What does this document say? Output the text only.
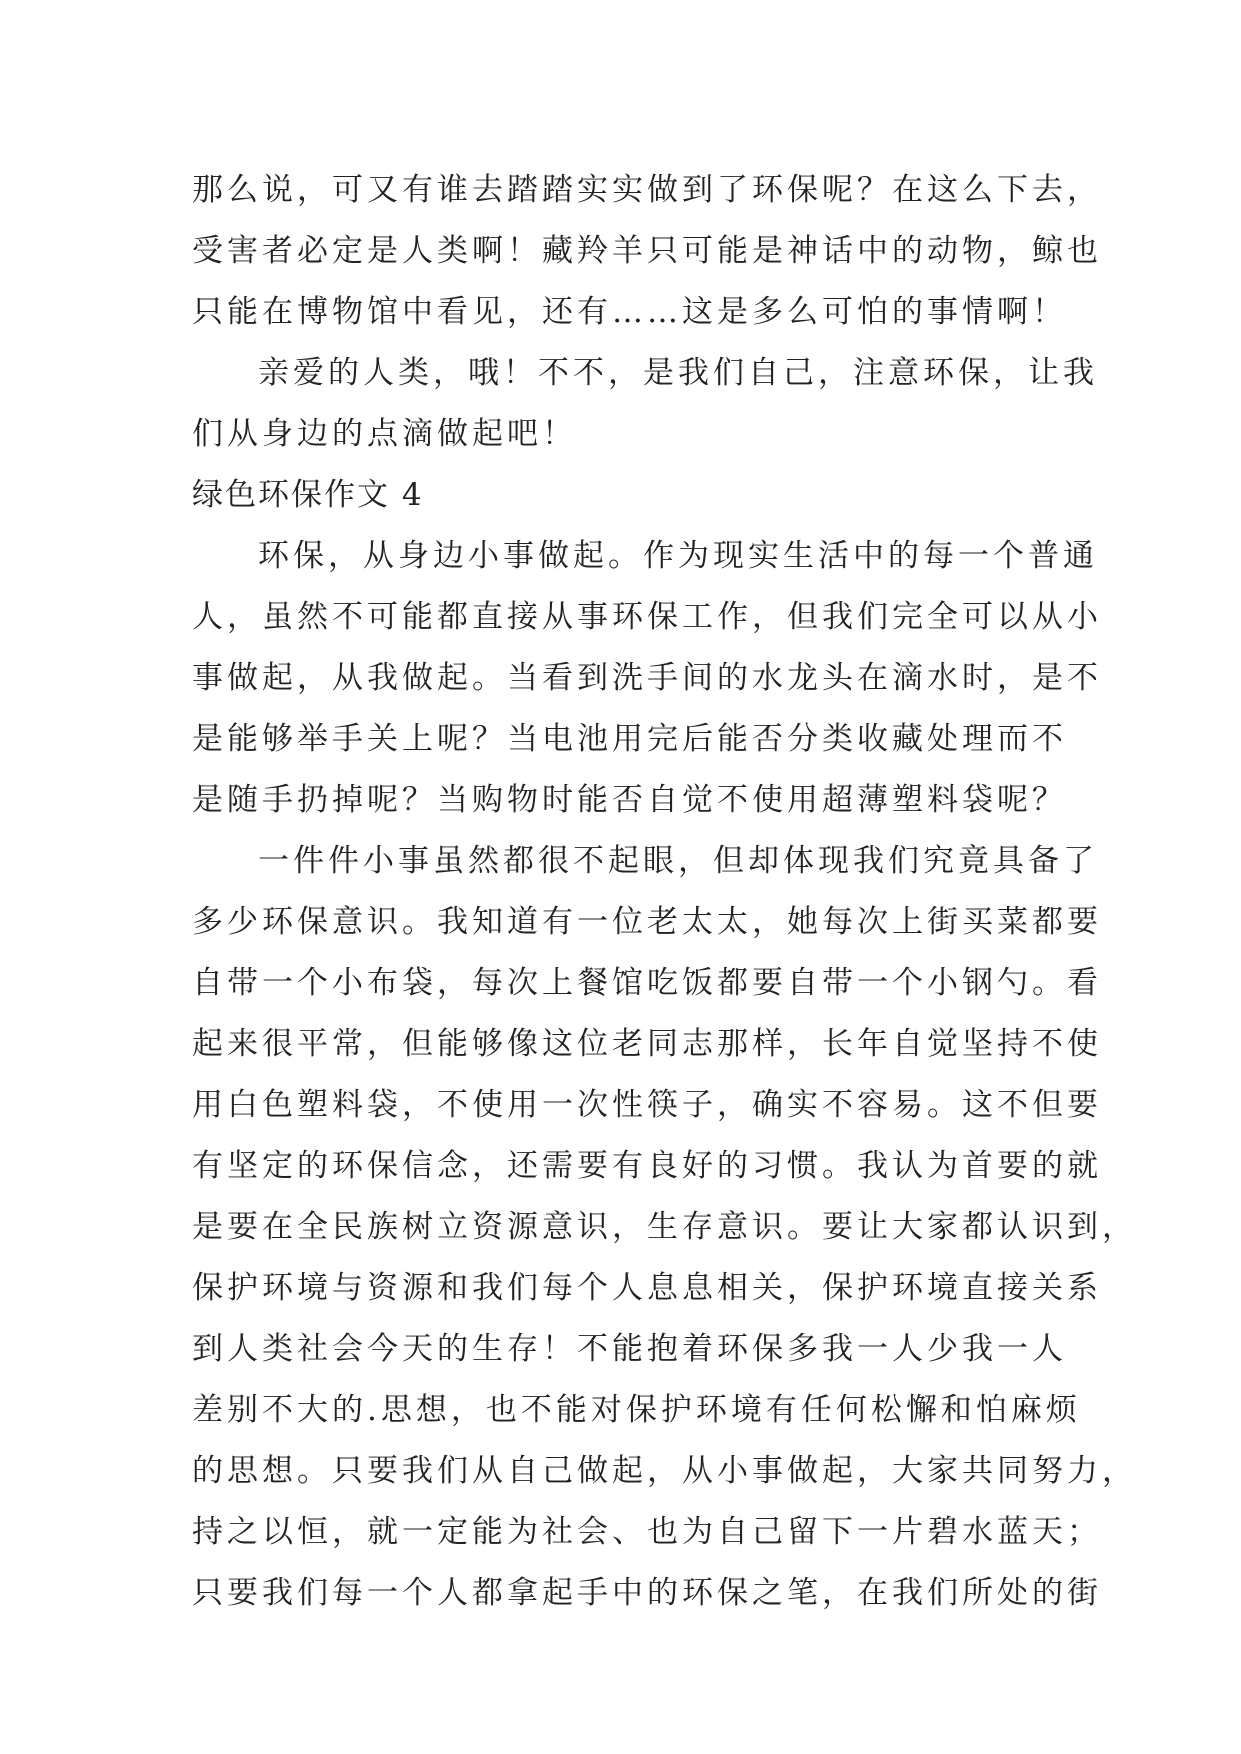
那么说，可又有谁去踏踏实实做到了环保呢？在这么下去，
受害者必定是人类啊！藏羚羊只可能是神话中的动物，鲸也
只能在博物馆中看见，还有……这是多么可怕的事情啊！
亲爱的人类，哦！不不，是我们自己，注意环保，让我
们从身边的点滴做起吧！
绿色环保作文 4
环保，从身边小事做起。作为现实生活中的每一个普通
人，虽然不可能都直接从事环保工作，但我们完全可以从小
事做起，从我做起。当看到洗手间的水龙头在滴水时，是不
是能够举手关上呢？当电池用完后能否分类收藏处理而不
是随手扔掉呢？当购物时能否自觉不使用超薄塑料袋呢？
一件件小事虽然都很不起眼，但却体现我们究竟具备了
多少环保意识。我知道有一位老太太，她每次上街买菜都要
自带一个小布袋，每次上餐馆吃饭都要自带一个小钢勺。看
起来很平常，但能够像这位老同志那样，长年自觉坚持不使
用白色塑料袋，不使用一次性筷子，确实不容易。这不但要
有坚定的环保信念，还需要有良好的习惯。我认为首要的就
是要在全民族树立资源意识，生存意识。要让大家都认识到，
保护环境与资源和我们每个人息息相关，保护环境直接关系
到人类社会今天的生存！不能抱着环保多我一人少我一人
差别不大的.思想，也不能对保护环境有任何松懈和怕麻烦
的思想。只要我们从自己做起，从小事做起，大家共同努力，
持之以恒，就一定能为社会、也为自己留下一片碧水蓝天；
只要我们每一个人都拿起手中的环保之笔，在我们所处的街
